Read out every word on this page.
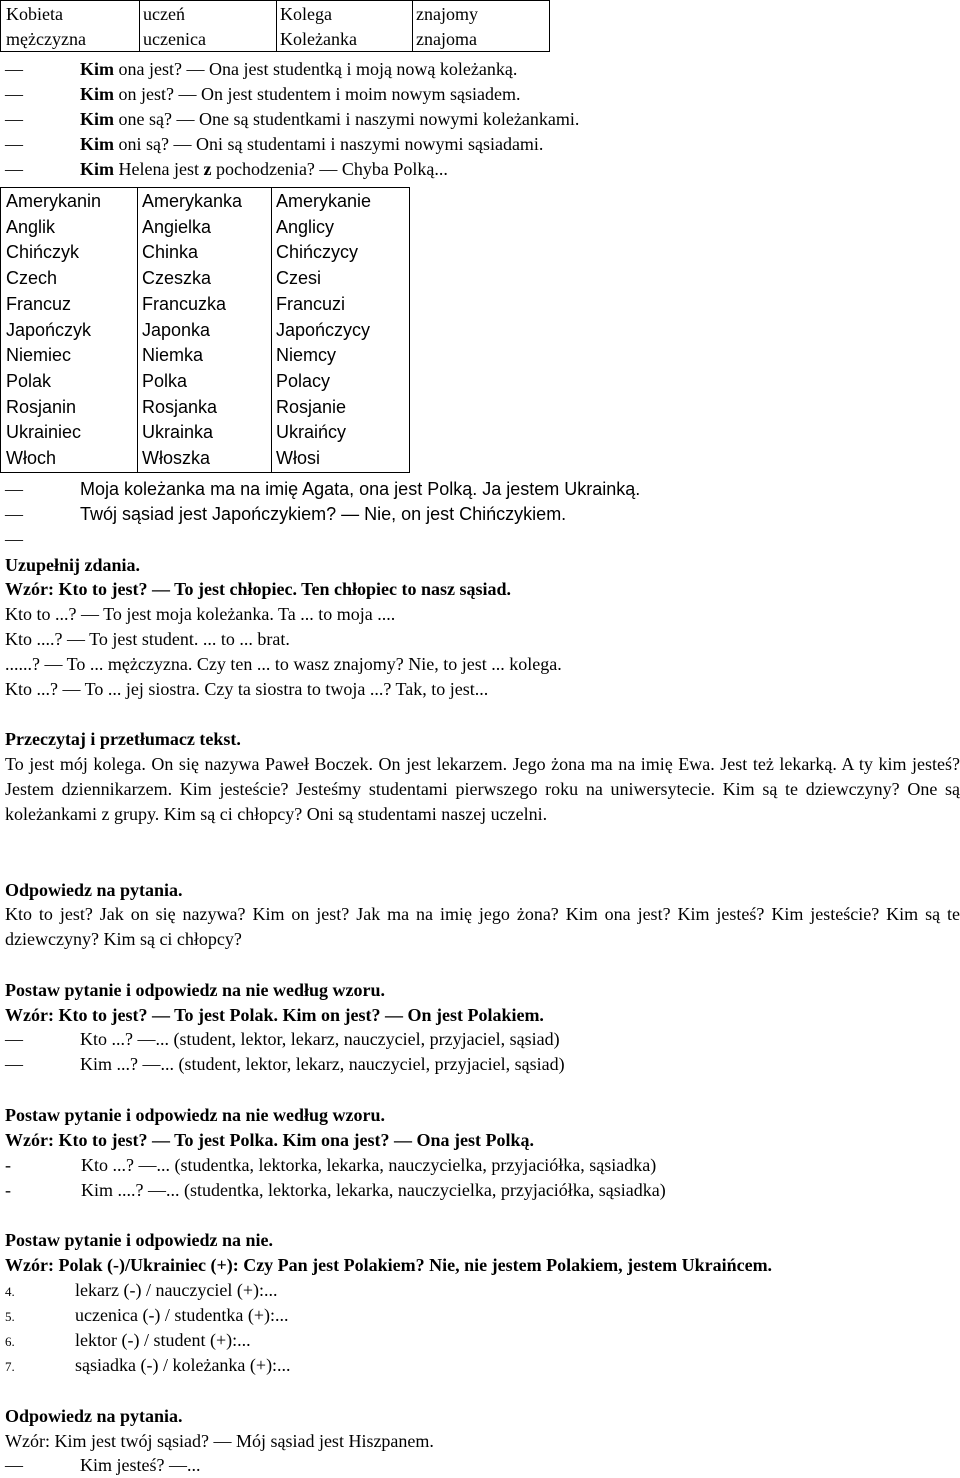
Kobieta	uczeń	Kolega	znajomy
mężczyzna	uczenica	Koleżanka	znajoma
—	Kim ona jest? — Ona jest studentką i moją nową koleżanką.
—	Kim on jest? — On jest studentem i moim nowym sąsiadem.
—	Kim one są? — One są studentkami i naszymi nowymi koleżankami.
—	Kim oni są? — Oni są studentami i naszymi nowymi sąsiadami.
—	Kim Helena jest z pochodzenia? — Chyba Polką...
Amerykanin Amerykanka Amerykanie
Anglik	Angielka	Anglicy
Chińczyk	Chinka	Chińczycy
Czech	Czeszka	Czesi
Francuz	Francuzka	Francuzi
Japończyk	Japonka	Japończycy
Niemiec	Niemka	Niemcy
Polak	Polka	Polacy
Rosjanin	Rosjanka	Rosjanie
Ukrainiec	Ukrainka	Ukraińcy
Włoch	Włoszka	Włosi
—	Moja koleżanka ma na imię Agata, ona jest Polką. Ja jestem Ukrainką.
—	Twój sąsiad jest Japończykiem? — Nie, on jest Chińczykiem.
—
Uzupełnij zdania.
Wzór: Kto to jest? — To jest chłopiec. Ten chłopiec to nasz sąsiad.
Kto to ...? — To jest moja koleżanka. Ta ... to moja ....
Kto ....? — To jest student. ... to ... brat.
......? — To ... mężczyzna. Czy ten ... to wasz znajomy? Nie, to jest ... kolega.
Kto ...? — To ... jej siostra. Czy ta siostra to twoja ...? Tak, to jest...
Przeczytaj i przetłumacz tekst.
To jest mój kolega. On się nazywa Paweł Boczek. On jest lekarzem. Jego żona ma na imię Ewa. Jest też lekarką. A ty kim jesteś? Jestem dziennikarzem. Kim jesteście? Jesteśmy studentami pierwszego roku na uniwersytecie. Kim są te dziewczyny? One są koleżankami z grupy. Kim są ci chłopcy? Oni są studentami naszej uczelni.
Odpowiedz na pytania.
Kto to jest? Jak on się nazywa? Kim on jest? Jak ma na imię jego żona? Kim ona jest? Kim jesteś? Kim jesteście? Kim są te dziewczyny? Kim są ci chłopcy?
Postaw pytanie i odpowiedz na nie według wzoru.
Wzór: Kto to jest? — To jest Polak. Kim on jest? — On jest Polakiem.
—	Kto ...? —... (student, lektor, lekarz, nauczyciel, przyjaciel, sąsiad)
—	Kim ...? —... (student, lektor, lekarz, nauczyciel, przyjaciel, sąsiad)
Postaw pytanie i odpowiedz na nie według wzoru.
Wzór: Kto to jest? — To jest Polka. Kim ona jest? — Ona jest Polką.
-	Kto ...? —... (studentka, lektorka, lekarka, nauczycielka, przyjaciółka, sąsiadka)
-	Kim ....? —... (studentka, lektorka, lekarka, nauczycielka, przyjaciółka, sąsiadka)
Postaw pytanie i odpowiedz na nie.
Wzór: Polak (-)/Ukrainiec (+): Czy Pan jest Polakiem? Nie, nie jestem Polakiem, jestem Ukraińcem.
4.	lekarz (-) / nauczyciel (+):...
5.	uczenica (-) / studentka (+):...
6.	lektor (-) / student (+):...
7.	sąsiadka (-) / koleżanka (+):...
Odpowiedz na pytania.
Wzór: Kim jest twój sąsiad? — Mój sąsiad jest Hiszpanem.
—	Kim jesteś? —...
